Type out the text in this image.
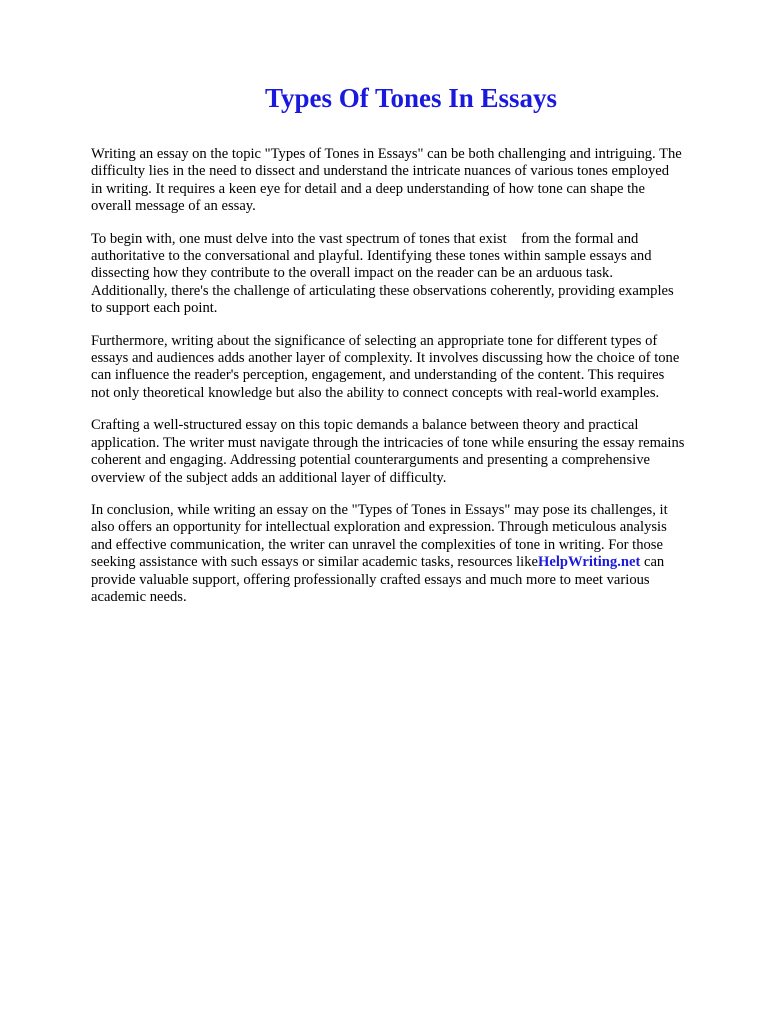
Types Of Tones In Essays

Writing an essay on the topic "Types of Tones in Essays" can be both challenging and intriguing. The
difficulty lies in the need to dissect and understand the intricate nuances of various tones employed
in writing. It requires a keen eye for detail and a deep understanding of how tone can shape the
overall message of an essay.

To begin with, one must delve into the vast spectrum of tones that exist    from the formal and
authoritative to the conversational and playful. Identifying these tones within sample essays and
dissecting how they contribute to the overall impact on the reader can be an arduous task.
Additionally, there's the challenge of articulating these observations coherently, providing examples
to support each point.

Furthermore, writing about the significance of selecting an appropriate tone for different types of
essays and audiences adds another layer of complexity. It involves discussing how the choice of tone
can influence the reader's perception, engagement, and understanding of the content. This requires
not only theoretical knowledge but also the ability to connect concepts with real-world examples.

Crafting a well-structured essay on this topic demands a balance between theory and practical
application. The writer must navigate through the intricacies of tone while ensuring the essay remains
coherent and engaging. Addressing potential counterarguments and presenting a comprehensive
overview of the subject adds an additional layer of difficulty.

In conclusion, while writing an essay on the "Types of Tones in Essays" may pose its challenges, it
also offers an opportunity for intellectual exploration and expression. Through meticulous analysis
and effective communication, the writer can unravel the complexities of tone in writing. For those
seeking assistance with such essays or similar academic tasks, resources likeHelpWriting.net can
provide valuable support, offering professionally crafted essays and much more to meet various
academic needs.
